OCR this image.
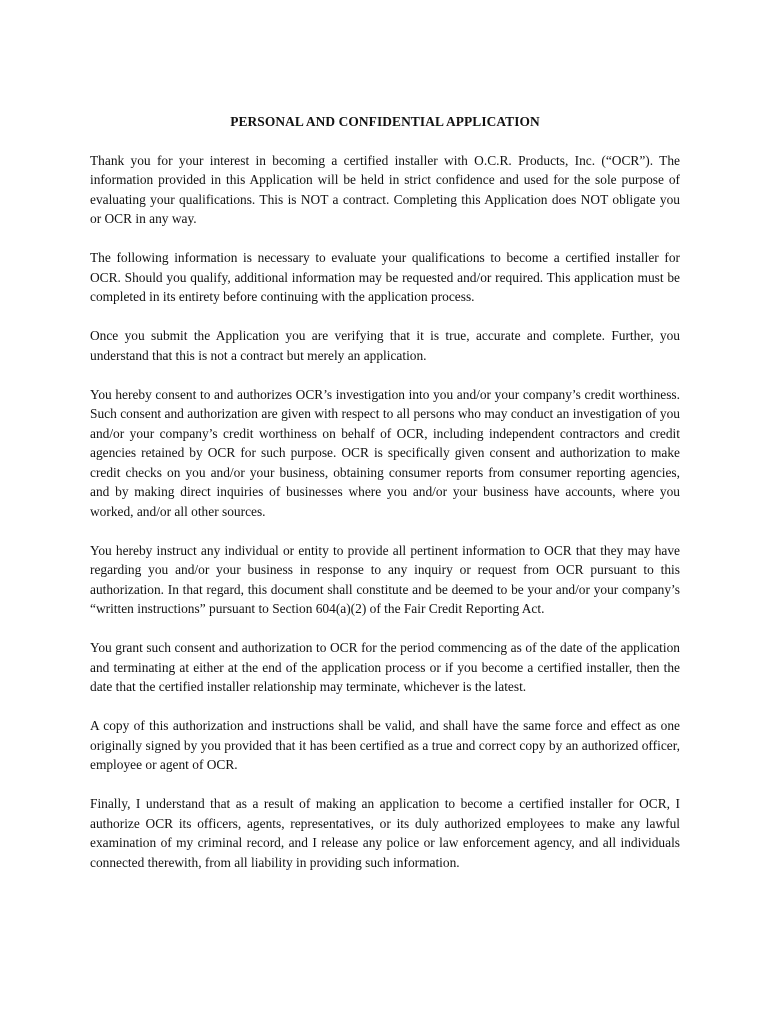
PERSONAL AND CONFIDENTIAL APPLICATION

Thank you for your interest in becoming a certified installer with O.C.R. Products, Inc. (“OCR”). The information provided in this Application will be held in strict confidence and used for the sole purpose of evaluating your qualifications. This is NOT a contract. Completing this Application does NOT obligate you or OCR in any way.

The following information is necessary to evaluate your qualifications to become a certified installer for OCR. Should you qualify, additional information may be requested and/or required. This application must be completed in its entirety before continuing with the application process.

Once you submit the Application you are verifying that it is true, accurate and complete. Further, you understand that this is not a contract but merely an application.

You hereby consent to and authorizes OCR’s investigation into you and/or your company’s credit worthiness. Such consent and authorization are given with respect to all persons who may conduct an investigation of you and/or your company’s credit worthiness on behalf of OCR, including independent contractors and credit agencies retained by OCR for such purpose. OCR is specifically given consent and authorization to make credit checks on you and/or your business, obtaining consumer reports from consumer reporting agencies, and by making direct inquiries of businesses where you and/or your business have accounts, where you worked, and/or all other sources.

You hereby instruct any individual or entity to provide all pertinent information to OCR that they may have regarding you and/or your business in response to any inquiry or request from OCR pursuant to this authorization. In that regard, this document shall constitute and be deemed to be your and/or your company’s “written instructions” pursuant to Section 604(a)(2) of the Fair Credit Reporting Act.

You grant such consent and authorization to OCR for the period commencing as of the date of the application and terminating at either at the end of the application process or if you become a certified installer, then the date that the certified installer relationship may terminate, whichever is the latest.

A copy of this authorization and instructions shall be valid, and shall have the same force and effect as one originally signed by you provided that it has been certified as a true and correct copy by an authorized officer, employee or agent of OCR.

Finally, I understand that as a result of making an application to become a certified installer for OCR, I authorize OCR its officers, agents, representatives, or its duly authorized employees to make any lawful examination of my criminal record, and I release any police or law enforcement agency, and all individuals connected therewith, from all liability in providing such information.
